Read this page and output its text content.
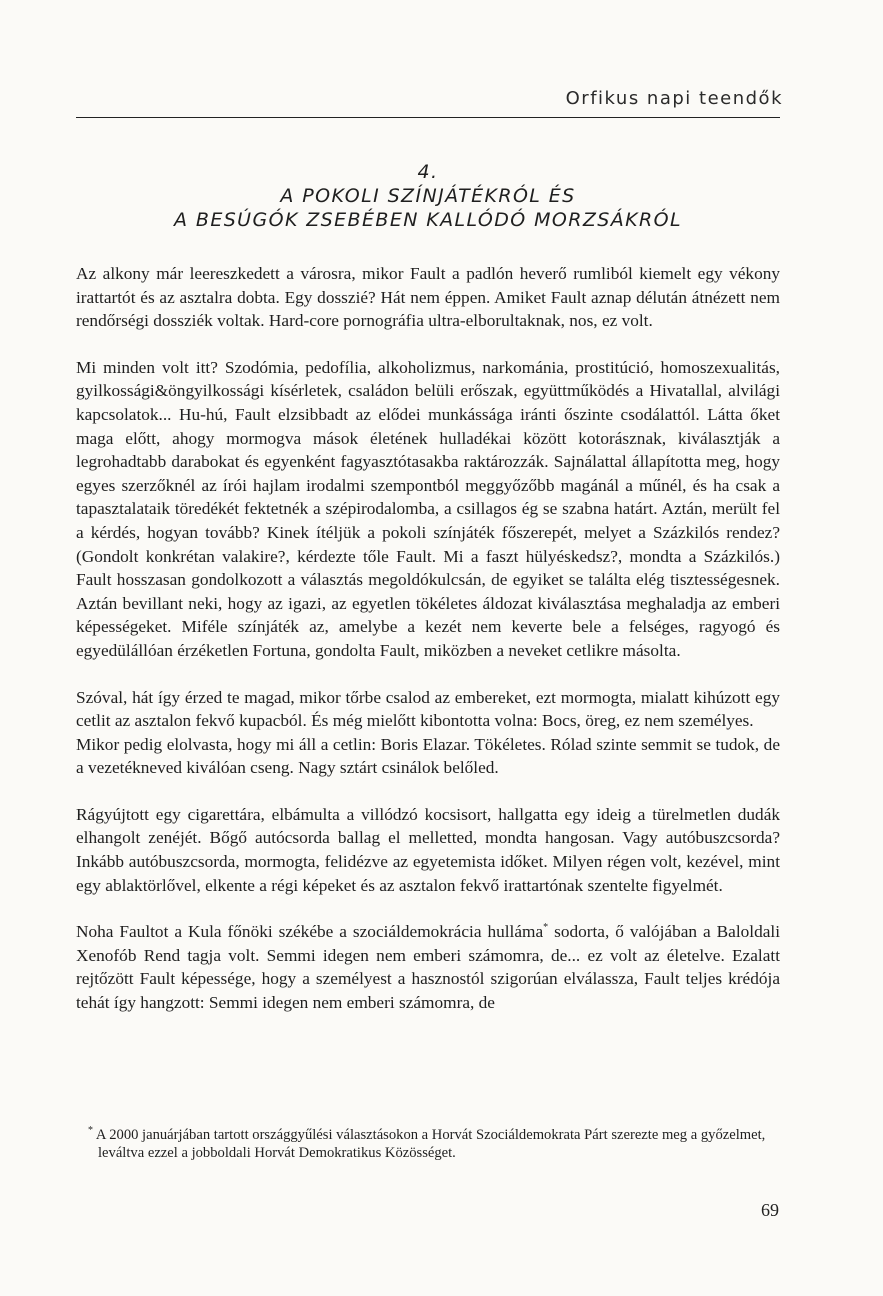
Orfikus napi teendők
4.
A POKOLI SZÍNJÁTÉKRÓL ÉS
A BESÚGÓK ZSEBÉBEN KALLÓDÓ MORZSÁKRÓL

Az alkony már leereszkedett a városra, mikor Fault a padlón heverő rumliból kiemelt egy vékony irattartót és az asztalra dobta. Egy dosszié? Hát nem éppen. Amiket Fault aznap délután átnézett nem rendőrségi dossziék voltak. Hard-core pornográfia ultra-elborultaknak, nos, ez volt.

Mi minden volt itt? Szodómia, pedofília, alkoholizmus, narkománia, prostitúció, homoszexualitás, gyilkossági&öngyilkossági kísérletek, családon belüli erőszak, együttműködés a Hivatallal, alvilági kapcsolatok... Hu-hú, Fault elzsibbadt az elődei munkássága iránti őszinte csodálattól. Látta őket maga előtt, ahogy mormogva mások életének hulladékai között kotorásznak, kiválasztják a legrohadtabb darabokat és egyenként fagyasztótasakba raktározzák. Sajnálattal állapította meg, hogy egyes szerzőknél az írói hajlam irodalmi szempontból meggyőzőbb magánál a műnél, és ha csak a tapasztalataik töredékét fektetnék a szépirodalomba, a csillagos ég se szabna határt. Aztán, merült fel a kérdés, hogyan tovább? Kinek ítéljük a pokoli színjáték főszerepét, melyet a Százkilós rendez? (Gondolt konkrétan valakire?, kérdezte tőle Fault. Mi a faszt hülyéskedsz?, mondta a Százkilós.) Fault hosszasan gondolkozott a választás megoldókulcsán, de egyiket se találta elég tisztességesnek. Aztán bevillant neki, hogy az igazi, az egyetlen tökéletes áldozat kiválasztása meghaladja az emberi képességeket. Miféle színjáték az, amelybe a kezét nem keverte bele a felséges, ragyogó és egyedülállóan érzéketlen Fortuna, gondolta Fault, miközben a neveket cetlikre másolta.

Szóval, hát így érzed te magad, mikor tőrbe csalod az embereket, ezt mormogta, mialatt kihúzott egy cetlit az asztalon fekvő kupacból. És még mielőtt kibontotta volna: Bocs, öreg, ez nem személyes.

Mikor pedig elolvasta, hogy mi áll a cetlin: Boris Elazar. Tökéletes. Rólad szinte semmit se tudok, de a vezetékneved kiválóan cseng. Nagy sztárt csinálok belőled.

Rágyújtott egy cigarettára, elbámulta a villódzó kocsisort, hallgatta egy ideig a türelmetlen dudák elhangolt zenéjét. Bőgő autócsorda ballag el melletted, mondta hangosan. Vagy autóbuszcsorda? Inkább autóbuszcsorda, mormogta, felidézve az egyetemista időket. Milyen régen volt, kezével, mint egy ablaktörlővel, elkente a régi képeket és az asztalon fekvő irattartónak szentelte figyelmét.

Noha Faultot a Kula főnöki székébe a szociáldemokrácia hulláma* sodorta, ő valójában a Baloldali Xenofób Rend tagja volt. Semmi idegen nem emberi számomra, de... ez volt az életelve. Ezalatt rejtőzött Fault képessége, hogy a személyest a hasznostól szigorúan elválassza, Fault teljes krédója tehát így hangzott: Semmi idegen nem emberi számomra, de

* A 2000 januárjában tartott országgyűlési választásokon a Horvát Szociáldemokrata Párt szerezte meg a győzelmet, leváltva ezzel a jobboldali Horvát Demokratikus Közösséget.

69
